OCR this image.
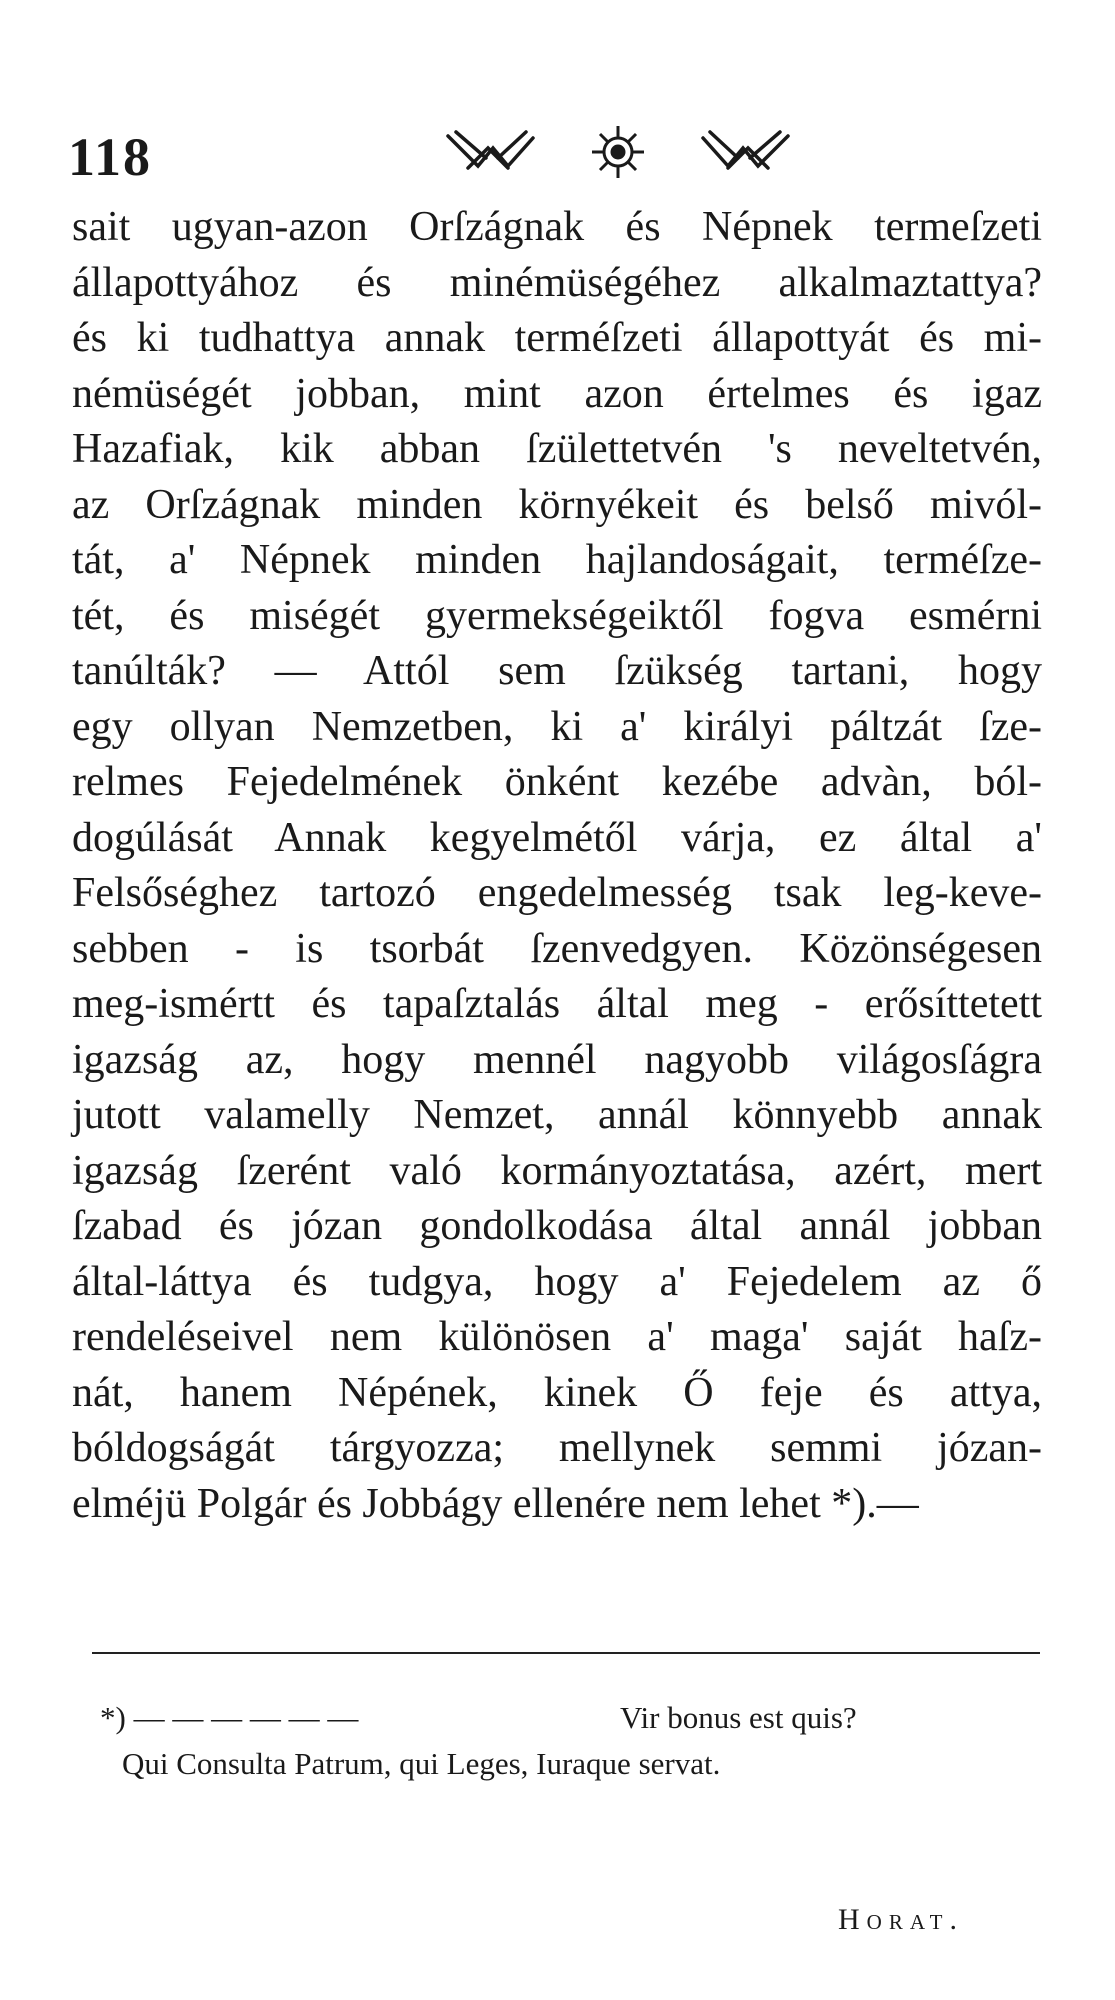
118
sait ugyan-azon Orſzágnak és Népnek termeſzeti
állapottyához és minémüségéhez alkalmaztattya?
és ki tudhattya annak terméſzeti állapottyát és mi-
némüségét jobban, mint azon értelmes és igaz
Hazafiak, kik abban ſzülettetvén 's neveltetvén,
az Orſzágnak minden környékeit és belső mivól-
tát, a' Népnek minden hajlandoságait, terméſze-
tét, és miségét gyermekségeiktől fogva esmérni
tanúlták? — Attól sem ſzükség tartani, hogy
egy ollyan Nemzetben, ki a' királyi páltzát ſze-
relmes Fejedelmének önként kezébe advàn, ból-
dogúlását Annak kegyelmétől várja, ez által a'
Felsőséghez tartozó engedelmesség tsak leg-keve-
sebben - is tsorbát ſzenvedgyen. Közönségesen
meg-ismértt és tapaſztalás által meg - erősíttetett
igazság az, hogy mennél nagyobb világosſágra
jutott valamelly Nemzet, annál könnyebb annak
igazság ſzerént való kormányoztatása, azért, mert
ſzabad és józan gondolkodása által annál jobban
által-láttya és tudgya, hogy a' Fejedelem az ő
rendeléseivel nem különösen a' maga' saját haſz-
nát, hanem Népének, kinek Ő feje és attya,
bóldogságát tárgyozza; mellynek semmi józan-
elméjü Polgár és Jobbágy ellenére nem lehet *).—
*) — — — — — —	Vir bonus est quis?
Qui Consulta Patrum, qui Leges, Iuraque servat.
Horat.
